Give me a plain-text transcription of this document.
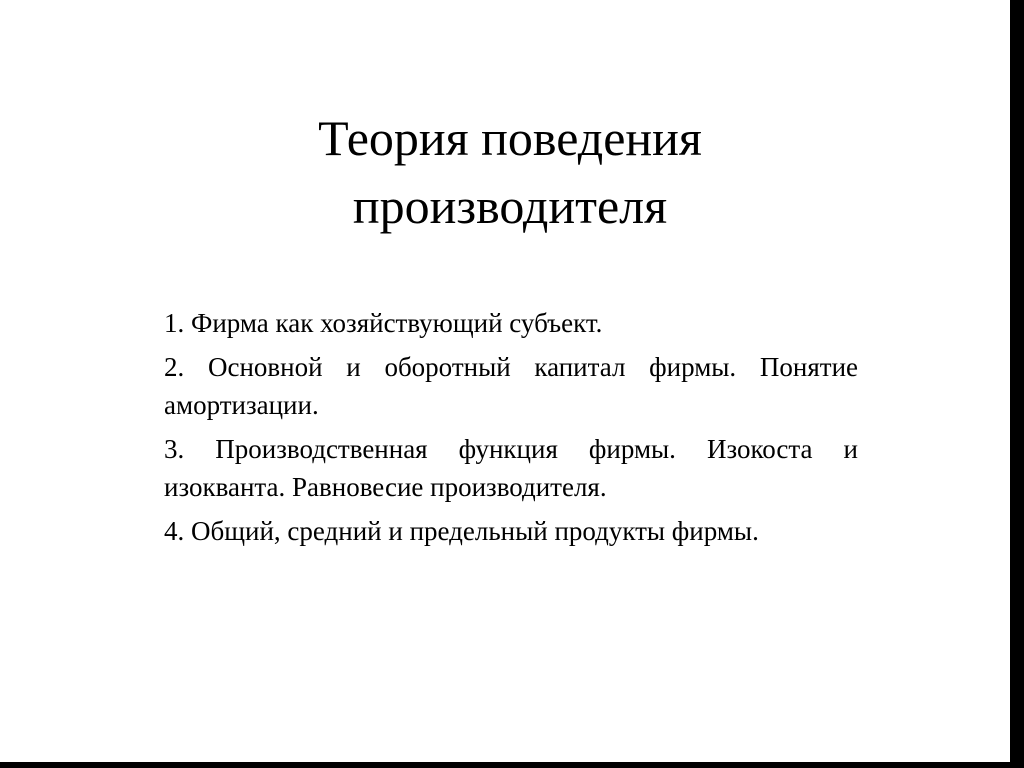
Теория поведения
производителя
1. Фирма как хозяйствующий субъект.
2. Основной и оборотный капитал фирмы. Понятие амортизации.
3. Производственная функция фирмы. Изокоста и изокванта. Равновесие производителя.
4. Общий, средний и предельный продукты фирмы.
